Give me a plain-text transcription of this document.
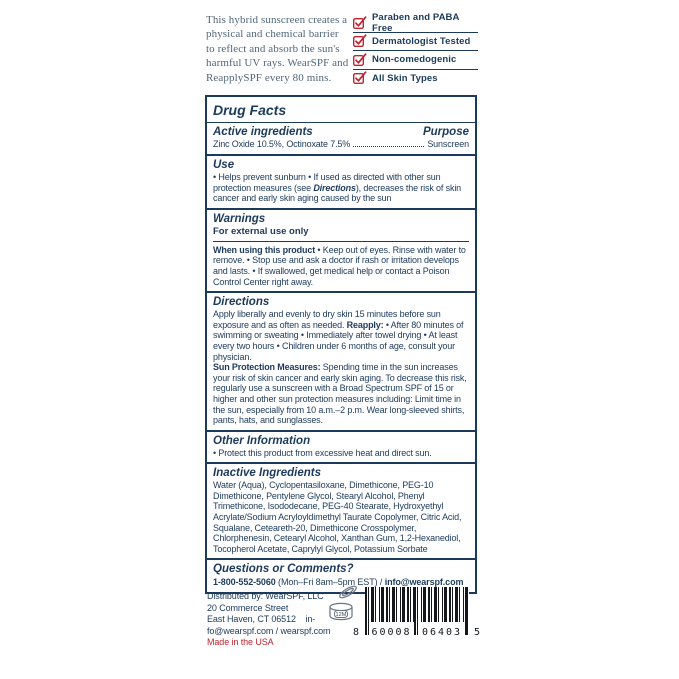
This hybrid sunscreen creates a physical and chemical barrier to reflect and absorb the sun's harmful UV rays. WearSPF and ReapplySPF every 80 mins.
Paraben and PABA Free
Dermatologist Tested
Non-comedogenic
All Skin Types
Drug Facts
Active ingredients	Purpose
Zinc Oxide 10.5%, Octinoxate 7.5%	Sunscreen
Use
• Helps prevent sunburn • If used as directed with other sun protection measures (see Directions), decreases the risk of skin cancer and early skin aging caused by the sun
Warnings
For external use only
When using this product • Keep out of eyes. Rinse with water to remove. • Stop use and ask a doctor if rash or irritation develops and lasts. • If swallowed, get medical help or contact a Poison Control Center right away.
Directions
Apply liberally and evenly to dry skin 15 minutes before sun exposure and as often as needed. Reapply: • After 80 minutes of swimming or sweating • Immediately after towel drying • At least every two hours • Children under 6 months of age, consult your physician.
Sun Protection Measures: Spending time in the sun increases your risk of skin cancer and early skin aging. To decrease this risk, regularly use a sunscreen with a Broad Spectrum SPF of 15 or higher and other sun protection measures including: Limit time in the sun, especially from 10 a.m.–2 p.m. Wear long-sleeved shirts, pants, hats, and sunglasses.
Other Information
• Protect this product from excessive heat and direct sun.
Inactive Ingredients
Water (Aqua), Cyclopentasiloxane, Dimethicone, PEG-10 Dimethicone, Pentylene Glycol, Stearyl Alcohol, Phenyl Trimethicone, Isododecane, PEG-40 Stearate, Hydroxyethyl Acrylate/Sodium Acryloyldimethyl Taurate Copolymer, Citric Acid, Squalane, Ceteareth-20, Dimethicone Crosspolymer, Chlorphenesin, Cetearyl Alcohol, Xanthan Gum, 1,2-Hexanediol, Tocopherol Acetate, Caprylyl Glycol, Potassium Sorbate
Questions or Comments?
1-800-552-5060 (Mon–Fri 8am–5pm EST) / info@wearspf.com
Distributed by: WearSPF, LLC
20 Commerce Street
East Haven, CT 06512    in-
fo@wearspf.com / wearspf.com
Made in the USA
12M
60008 06403
8	5
